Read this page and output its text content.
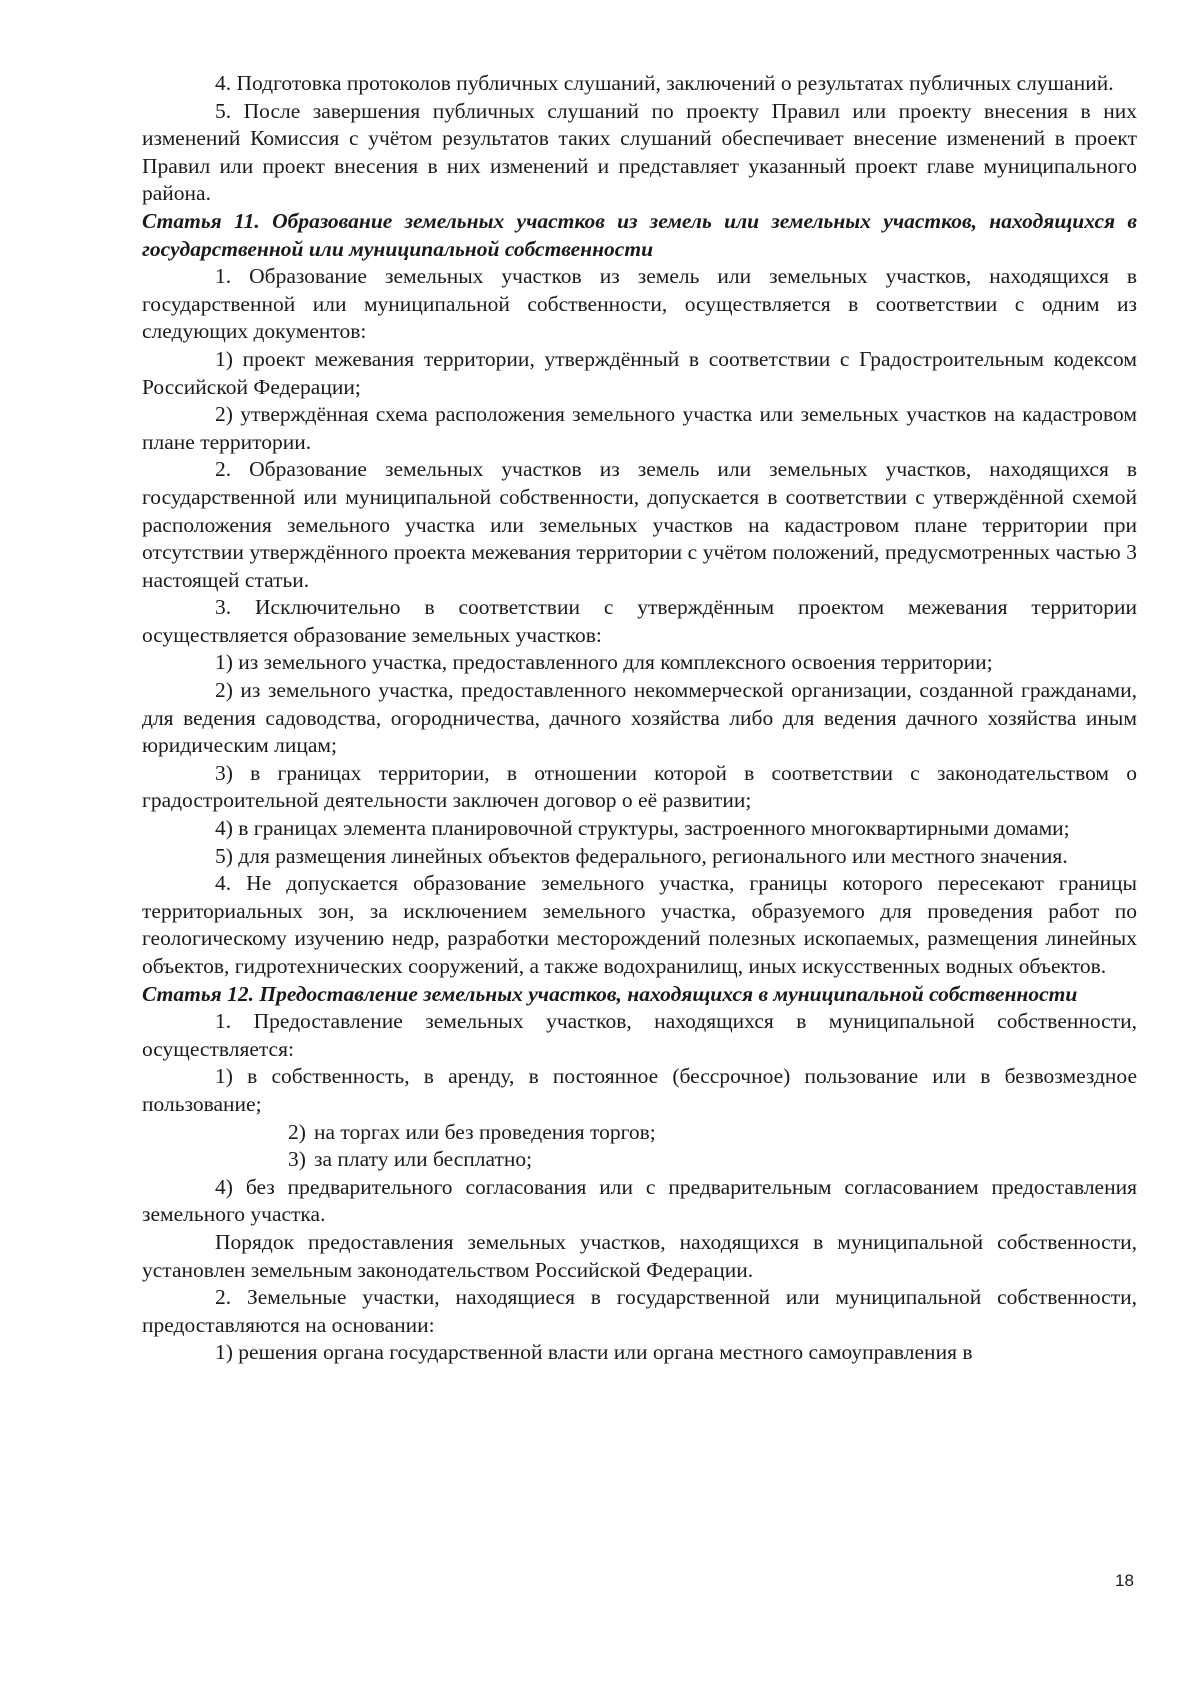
4. Подготовка протоколов публичных слушаний, заключений о результатах публичных слушаний.

5. После завершения публичных слушаний по проекту Правил или проекту внесения в них изменений Комиссия с учётом результатов таких слушаний обеспечивает внесение изменений в проект Правил или проект внесения в них изменений и представляет указанный проект главе муниципального района.

Статья 11. Образование земельных участков из земель или земельных участков, находящихся в государственной или муниципальной собственности

1. Образование земельных участков из земель или земельных участков, находящихся в государственной или муниципальной собственности, осуществляется в соответствии с одним из следующих документов:

1) проект межевания территории, утверждённый в соответствии с Градостроительным кодексом Российской Федерации;

2) утверждённая схема расположения земельного участка или земельных участков на кадастровом плане территории.

2. Образование земельных участков из земель или земельных участков, находящихся в государственной или муниципальной собственности, допускается в соответствии с утверждённой схемой расположения земельного участка или земельных участков на кадастровом плане территории при отсутствии утверждённого проекта межевания территории с учётом положений, предусмотренных частью 3 настоящей статьи.

3. Исключительно в соответствии с утверждённым проектом межевания территории осуществляется образование земельных участков:

1) из земельного участка, предоставленного для комплексного освоения территории;

2) из земельного участка, предоставленного некоммерческой организации, созданной гражданами, для ведения садоводства, огородничества, дачного хозяйства либо для ведения дачного хозяйства иным юридическим лицам;

3) в границах территории, в отношении которой в соответствии с законодательством о градостроительной деятельности заключен договор о её развитии;

4) в границах элемента планировочной структуры, застроенного многоквартирными домами;

5) для размещения линейных объектов федерального, регионального или местного значения.

4. Не допускается образование земельного участка, границы которого пересекают границы территориальных зон, за исключением земельного участка, образуемого для проведения работ по геологическому изучению недр, разработки месторождений полезных ископаемых, размещения линейных объектов, гидротехнических сооружений, а также водохранилищ, иных искусственных водных объектов.

Статья 12. Предоставление земельных участков, находящихся в муниципальной собственности

1. Предоставление земельных участков, находящихся в муниципальной собственности, осуществляется:

1) в собственность, в аренду, в постоянное (бессрочное) пользование или в безвозмездное пользование;

2) на торгах или без проведения торгов;

3) за плату или бесплатно;

4) без предварительного согласования или с предварительным согласованием предоставления земельного участка.

Порядок предоставления земельных участков, находящихся в муниципальной собственности, установлен земельным законодательством Российской Федерации.

2. Земельные участки, находящиеся в государственной или муниципальной собственности, предоставляются на основании:

1) решения органа государственной власти или органа местного самоуправления в

18
